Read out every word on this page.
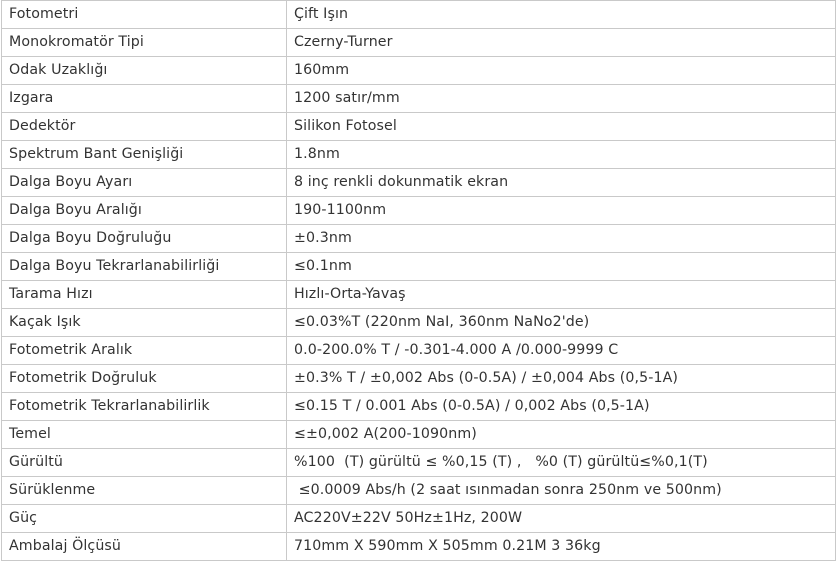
Fotometri	Çift Işın
Monokromatör Tipi	Czerny-Turner
Odak Uzaklığı	160mm
Izgara	1200 satır/mm
Dedektör	Silikon Fotosel
Spektrum Bant Genişliği	1.8nm
Dalga Boyu Ayarı	8 inç renkli dokunmatik ekran
Dalga Boyu Aralığı	190-1100nm
Dalga Boyu Doğruluğu	±0.3nm
Dalga Boyu Tekrarlanabilirliği	≤0.1nm
Tarama Hızı	Hızlı-Orta-Yavaş
Kaçak Işık	≤0.03%T (220nm NaI, 360nm NaNo2'de)
Fotometrik Aralık	0.0-200.0% T / -0.301-4.000 A /0.000-9999 C
Fotometrik Doğruluk	±0.3% T / ±0,002 Abs (0-0.5A) / ±0,004 Abs (0,5-1A)
Fotometrik Tekrarlanabilirlik	≤0.15 T / 0.001 Abs (0-0.5A) / 0,002 Abs (0,5-1A)
Temel	≤±0,002 A(200-1090nm)
Gürültü	%100  (T) gürültü ≤ %0,15 (T) ,   %0 (T) gürültü≤%0,1(T)
Sürüklenme	≤0.0009 Abs/h (2 saat ısınmadan sonra 250nm ve 500nm)
Güç	AC220V±22V 50Hz±1Hz, 200W
Ambalaj Ölçüsü	710mm X 590mm X 505mm 0.21M 3 36kg
